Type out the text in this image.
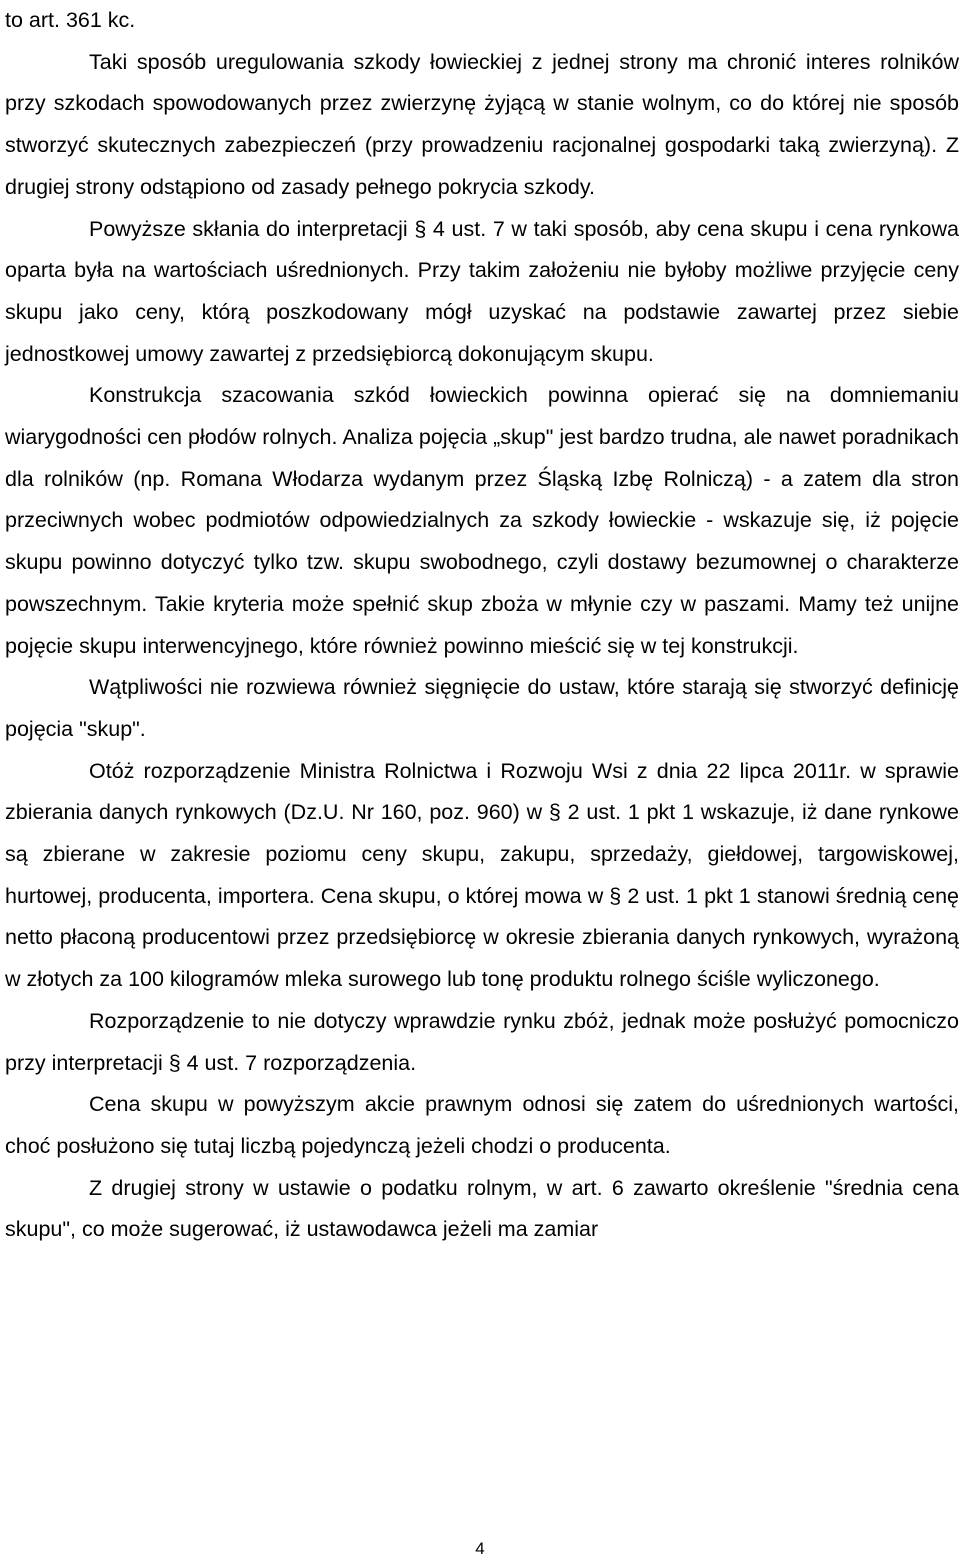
to art. 361 kc.

Taki sposób uregulowania szkody łowieckiej z jednej strony ma chronić interes rolników przy szkodach spowodowanych przez zwierzynę żyjącą w stanie wolnym, co do której nie sposób stworzyć skutecznych zabezpieczeń (przy prowadzeniu racjonalnej gospodarki taką zwierzyną). Z drugiej strony odstąpiono od zasady pełnego pokrycia szkody.

Powyższe skłania do interpretacji § 4 ust. 7 w taki sposób, aby cena skupu i cena rynkowa oparta była na wartościach uśrednionych. Przy takim założeniu nie byłoby możliwe przyjęcie ceny skupu jako ceny, którą poszkodowany mógł uzyskać na podstawie zawartej przez siebie jednostkowej umowy zawartej z przedsiębiorcą dokonującym skupu.

Konstrukcja szacowania szkód łowieckich powinna opierać się na domniemaniu wiarygodności cen płodów rolnych. Analiza pojęcia „skup" jest bardzo trudna, ale nawet poradnikach dla rolników (np. Romana Włodarza wydanym przez Śląską Izbę Rolniczą) - a zatem dla stron przeciwnych wobec podmiotów odpowiedzialnych za szkody łowieckie - wskazuje się, iż pojęcie skupu powinno dotyczyć tylko tzw. skupu swobodnego, czyli dostawy bezumownej o charakterze powszechnym. Takie kryteria może spełnić skup zboża w młynie czy w paszami. Mamy też unijne pojęcie skupu interwencyjnego, które również powinno mieścić się w tej konstrukcji.

Wątpliwości nie rozwiewa również sięgnięcie do ustaw, które starają się stworzyć definicję pojęcia "skup".

Otóż rozporządzenie Ministra Rolnictwa i Rozwoju Wsi z dnia 22 lipca 2011r. w sprawie zbierania danych rynkowych (Dz.U. Nr 160, poz. 960) w § 2 ust. 1 pkt 1 wskazuje, iż dane rynkowe są zbierane w zakresie poziomu ceny skupu, zakupu, sprzedaży, giełdowej, targowiskowej, hurtowej, producenta, importera. Cena skupu, o której mowa w § 2 ust. 1 pkt 1 stanowi średnią cenę netto płaconą producentowi przez przedsiębiorcę w okresie zbierania danych rynkowych, wyrażoną w złotych za 100 kilogramów mleka surowego lub tonę produktu rolnego ściśle wyliczonego.

Rozporządzenie to nie dotyczy wprawdzie rynku zbóż, jednak może posłużyć pomocniczo przy interpretacji § 4 ust. 7 rozporządzenia.

Cena skupu w powyższym akcie prawnym odnosi się zatem do uśrednionych wartości, choć posłużono się tutaj liczbą pojedynczą jeżeli chodzi o producenta.

Z drugiej strony w ustawie o podatku rolnym, w art. 6 zawarto określenie "średnia cena skupu", co może sugerować, iż ustawodawca jeżeli ma zamiar

4
